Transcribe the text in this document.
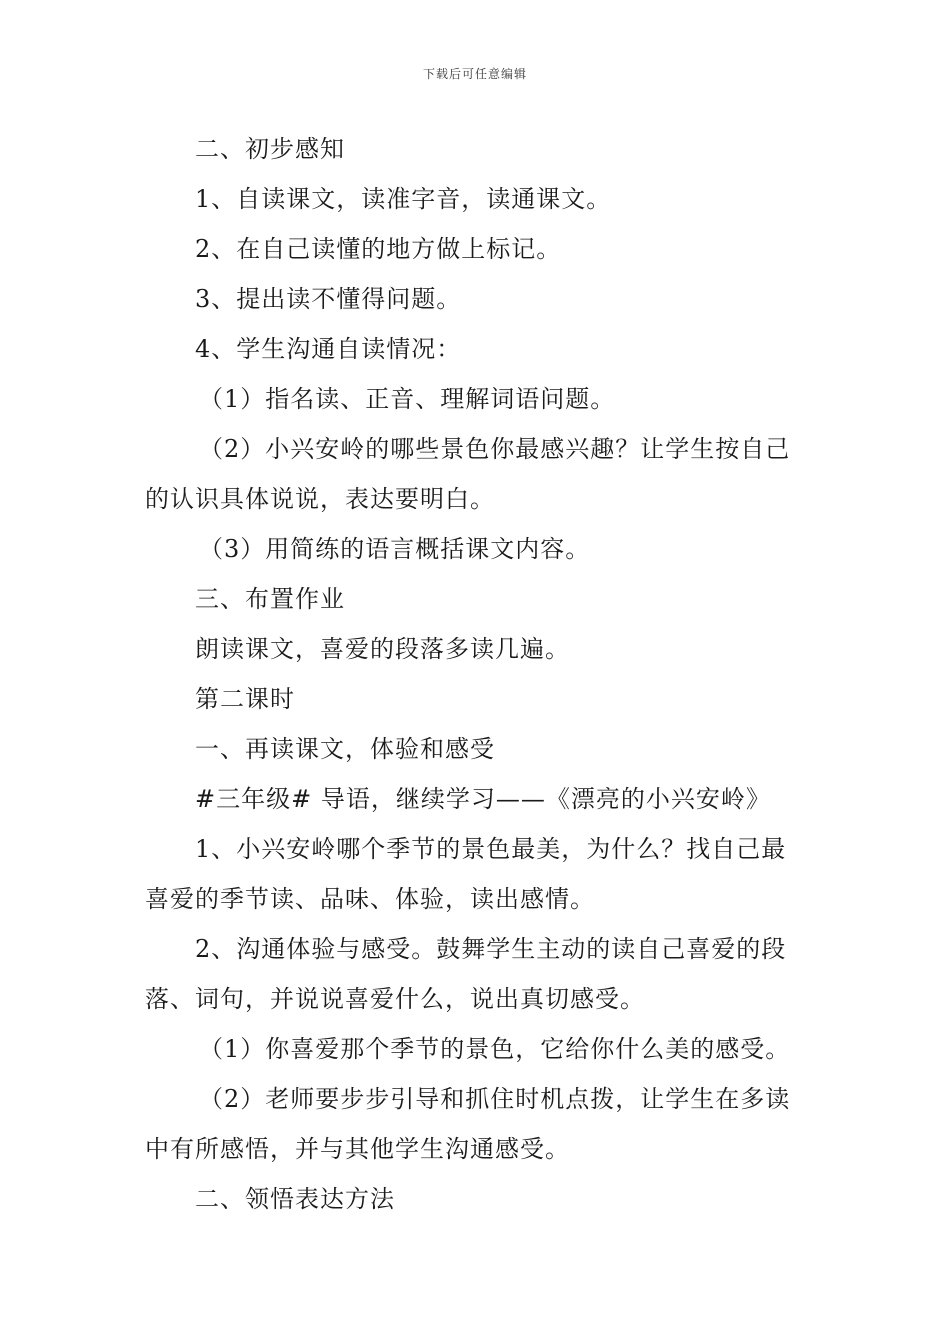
下载后可任意编辑

二、初步感知

1、自读课文，读准字音，读通课文。

2、在自己读懂的地方做上标记。

3、提出读不懂得问题。

4、学生沟通自读情况：

（1）指名读、正音、理解词语问题。

（2）小兴安岭的哪些景色你最感兴趣？让学生按自己

的认识具体说说，表达要明白。

（3）用简练的语言概括课文内容。

三、布置作业

朗读课文，喜爱的段落多读几遍。

第二课时

一、再读课文，体验和感受

#三年级# 导语，继续学习——《漂亮的小兴安岭》

1、小兴安岭哪个季节的景色最美，为什么？找自己最

喜爱的季节读、品味、体验，读出感情。

2、沟通体验与感受。鼓舞学生主动的读自己喜爱的段

落、词句，并说说喜爱什么，说出真切感受。

（1）你喜爱那个季节的景色，它给你什么美的感受。

（2）老师要步步引导和抓住时机点拨，让学生在多读

中有所感悟，并与其他学生沟通感受。

二、领悟表达方法
